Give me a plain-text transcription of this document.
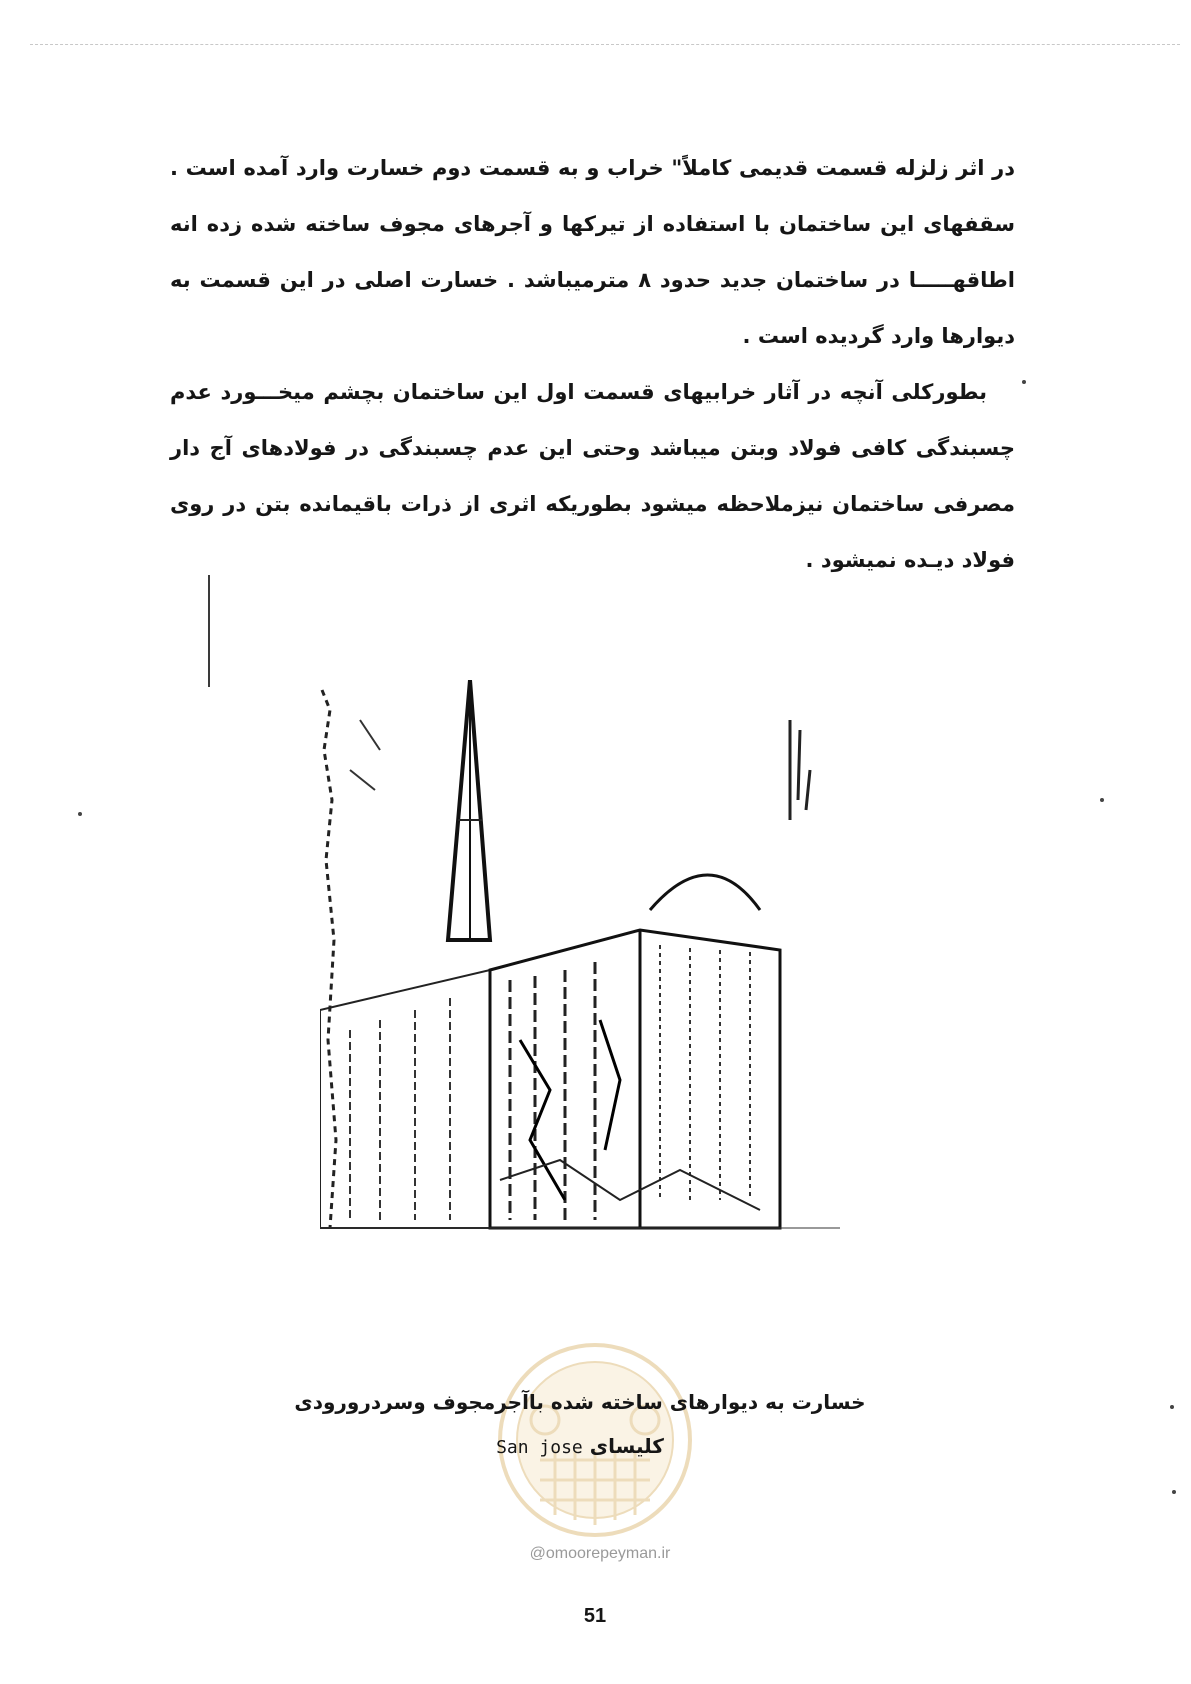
در اثر زلزله قسمت قدیمی کاملاً" خراب و به قسمت دوم خسارت وارد آمده است . سقفهای این ساختمان با استفاده از تیرکها و آجرهای مجوف ساخته شده زده انه اطاقهـــــا در ساختمان جدید حدود ۸ مترمیباشد . خسارت اصلی در این قسمت به دیوارها وارد گردیده است .

بطورکلی آنچه در آثار خرابیهای قسمت اول این ساختمان بچشم میخـــورد عدم چسبندگی کافی فولاد وبتن میباشد وحتی این عدم چسبندگی در فولادهای آج دار مصرفی ساختمان نیزملاحظه میشود بطوریکه اثری از ذرات باقیمانده بتن در روی فولاد دیـده نمیشود .

خسارت به دیوارهای ساخته شده باآجرمجوف وسردرورودی
کلیسای San jose
@omoorepeyman.ir
51
